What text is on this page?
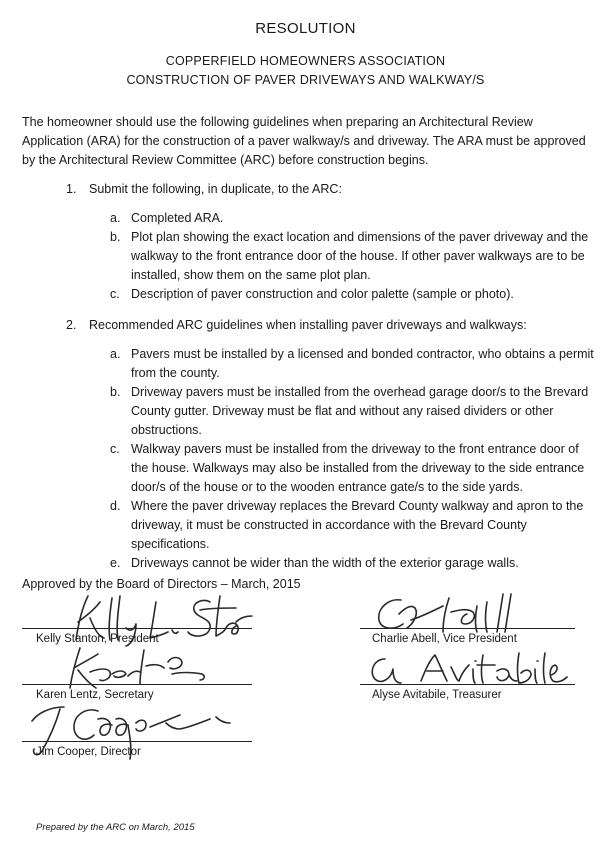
RESOLUTION
COPPERFIELD HOMEOWNERS ASSOCIATION
CONSTRUCTION OF PAVER DRIVEWAYS AND WALKWAY/S
The homeowner should use the following guidelines when preparing an Architectural Review Application (ARA) for the construction of a paver walkway/s and driveway. The ARA must be approved by the Architectural Review Committee (ARC) before construction begins.
1. Submit the following, in duplicate, to the ARC:
a. Completed ARA.
b. Plot plan showing the exact location and dimensions of the paver driveway and the walkway to the front entrance door of the house. If other paver walkways are to be installed, show them on the same plot plan.
c. Description of paver construction and color palette (sample or photo).
2. Recommended ARC guidelines when installing paver driveways and walkways:
a. Pavers must be installed by a licensed and bonded contractor, who obtains a permit from the county.
b. Driveway pavers must be installed from the overhead garage door/s to the Brevard County gutter. Driveway must be flat and without any raised dividers or other obstructions.
c. Walkway pavers must be installed from the driveway to the front entrance door of the house. Walkways may also be installed from the driveway to the side entrance door/s of the house or to the wooden entrance gate/s to the side yards.
d. Where the paver driveway replaces the Brevard County walkway and apron to the driveway, it must be constructed in accordance with the Brevard County specifications.
e. Driveways cannot be wider than the width of the exterior garage walls.
Approved by the Board of Directors – March, 2015
Kelly Stanton, President	Charlie Abell, Vice President
Karen Lentz, Secretary	Alyse Avitabile, Treasurer
Jim Cooper, Director
Prepared by the ARC on March, 2015
